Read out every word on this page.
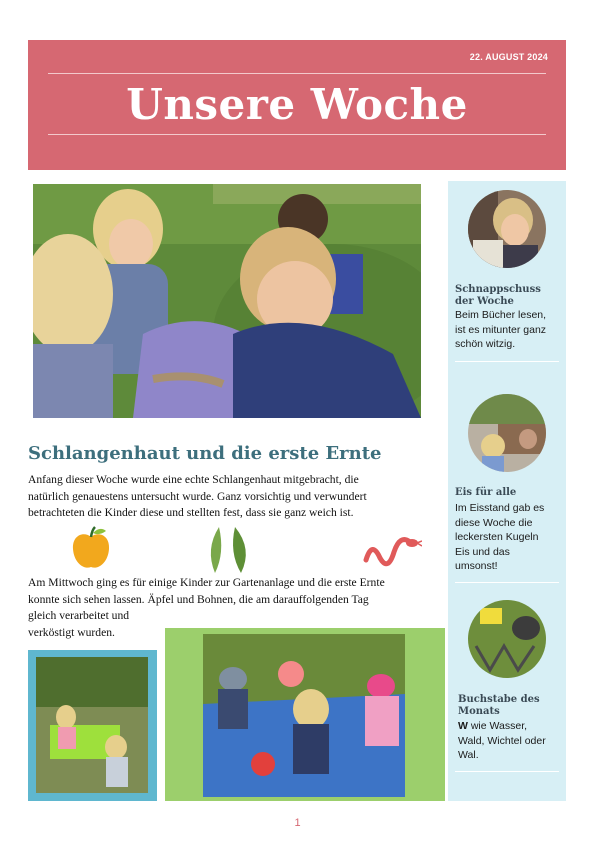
22. AUGUST 2024
Unsere Woche
Schnappschuss
der Woche
Beim Bücher lesen,
ist es mitunter ganz
schön witzig.
Eis für alle
Im Eisstand gab es
diese Woche die
leckersten Kugeln
Eis und das
umsonst!
Buchstabe des
Monats
W wie Wasser,
Wald, Wichtel oder
Wal.
Schlangenhaut und die erste Ernte
Anfang dieser Woche wurde eine echte Schlangenhaut mitgebracht, die
natürlich genauestens untersucht wurde. Ganz vorsichtig und verwundert
betrachteten die Kinder diese und stellten fest, dass sie ganz weich ist.
Am Mittwoch ging es für einige Kinder zur Gartenanlage und die erste Ernte
konnte sich sehen lassen. Äpfel und Bohnen, die am darauffolgenden Tag
gleich verarbeitet und
verköstigt wurden.
1
